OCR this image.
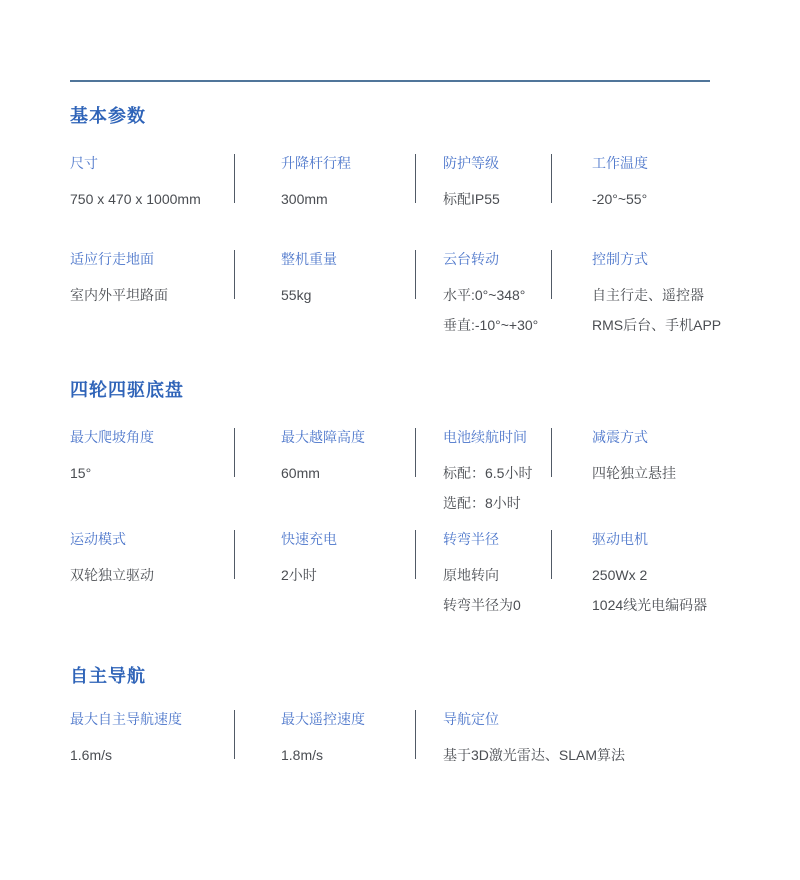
基本参数
尺寸
750 x 470 x 1000mm
升降杆行程
300mm
防护等级
标配IP55
工作温度
-20°~55°
适应行走地面
室内外平坦路面
整机重量
55kg
云台转动
水平:0°~348°
垂直:-10°~+30°
控制方式
自主行走、遥控器
RMS后台、手机APP
四轮四驱底盘
最大爬坡角度
15°
最大越障高度
60mm
电池续航时间
标配：6.5小时
选配：8小时
减震方式
四轮独立悬挂
运动模式
双轮独立驱动
快速充电
2小时
转弯半径
原地转向
转弯半径为0
驱动电机
250Wx 2
1024线光电编码器
自主导航
最大自主导航速度
1.6m/s
最大遥控速度
1.8m/s
导航定位
基于3D激光雷达、SLAM算法
